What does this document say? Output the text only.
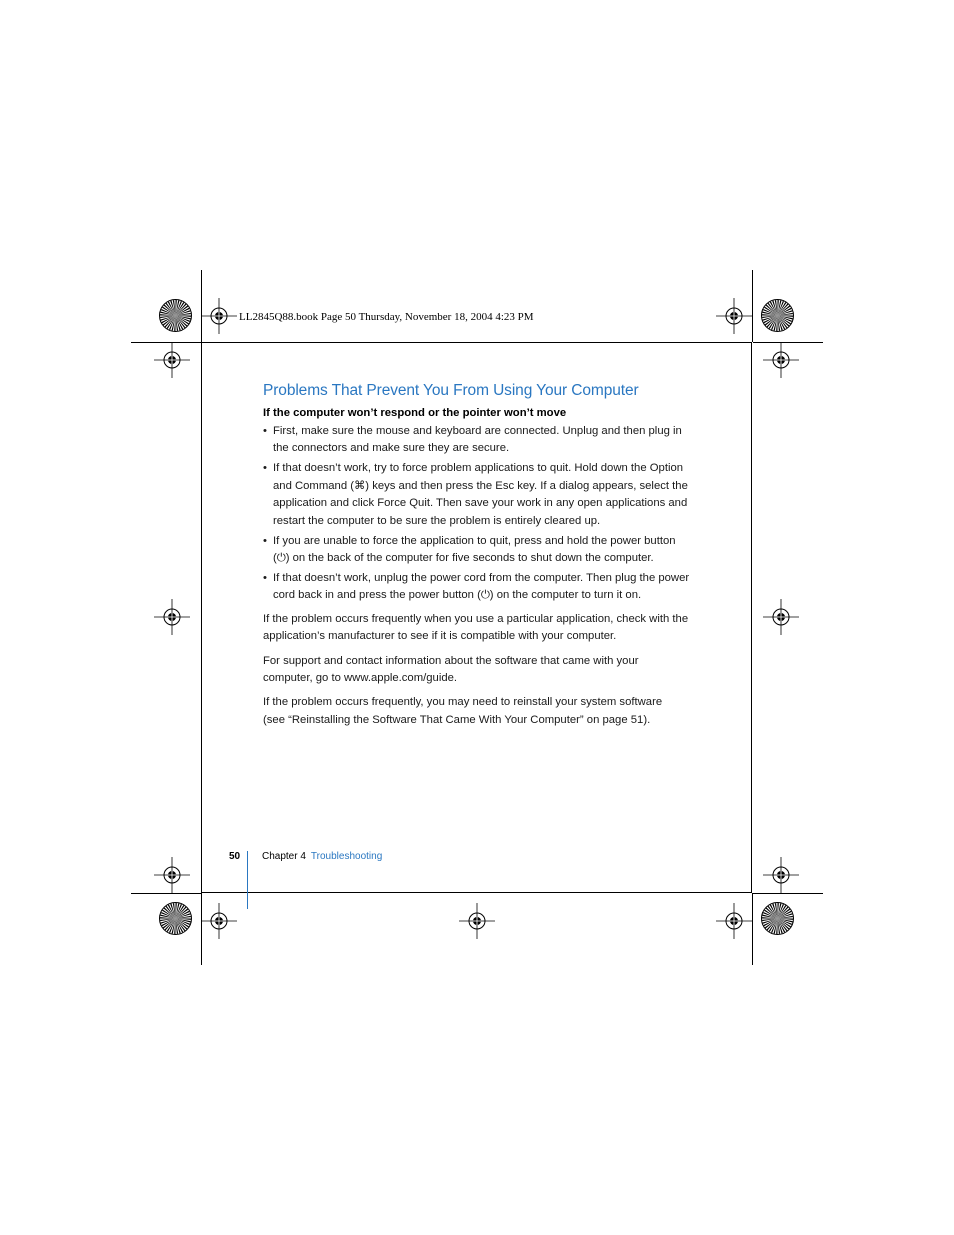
LL2845Q88.book Page 50 Thursday, November 18, 2004 4:23 PM
Problems That Prevent You From Using Your Computer
If the computer won’t respond or the pointer won’t move
• First, make sure the mouse and keyboard are connected. Unplug and then plug in
the connectors and make sure they are secure.
• If that doesn’t work, try to force problem applications to quit. Hold down the Option
and Command (⌘) keys and then press the Esc key. If a dialog appears, select the
application and click Force Quit. Then save your work in any open applications and
restart the computer to be sure the problem is entirely cleared up.
• If you are unable to force the application to quit, press and hold the power button
(⏻) on the back of the computer for five seconds to shut down the computer.
• If that doesn’t work, unplug the power cord from the computer. Then plug the power
cord back in and press the power button (⏻) on the computer to turn it on.

If the problem occurs frequently when you use a particular application, check with the
application’s manufacturer to see if it is compatible with your computer.

For support and contact information about the software that came with your
computer, go to www.apple.com/guide.

If the problem occurs frequently, you may need to reinstall your system software
(see “Reinstalling the Software That Came With Your Computer” on page 51).

50 Chapter 4 Troubleshooting
